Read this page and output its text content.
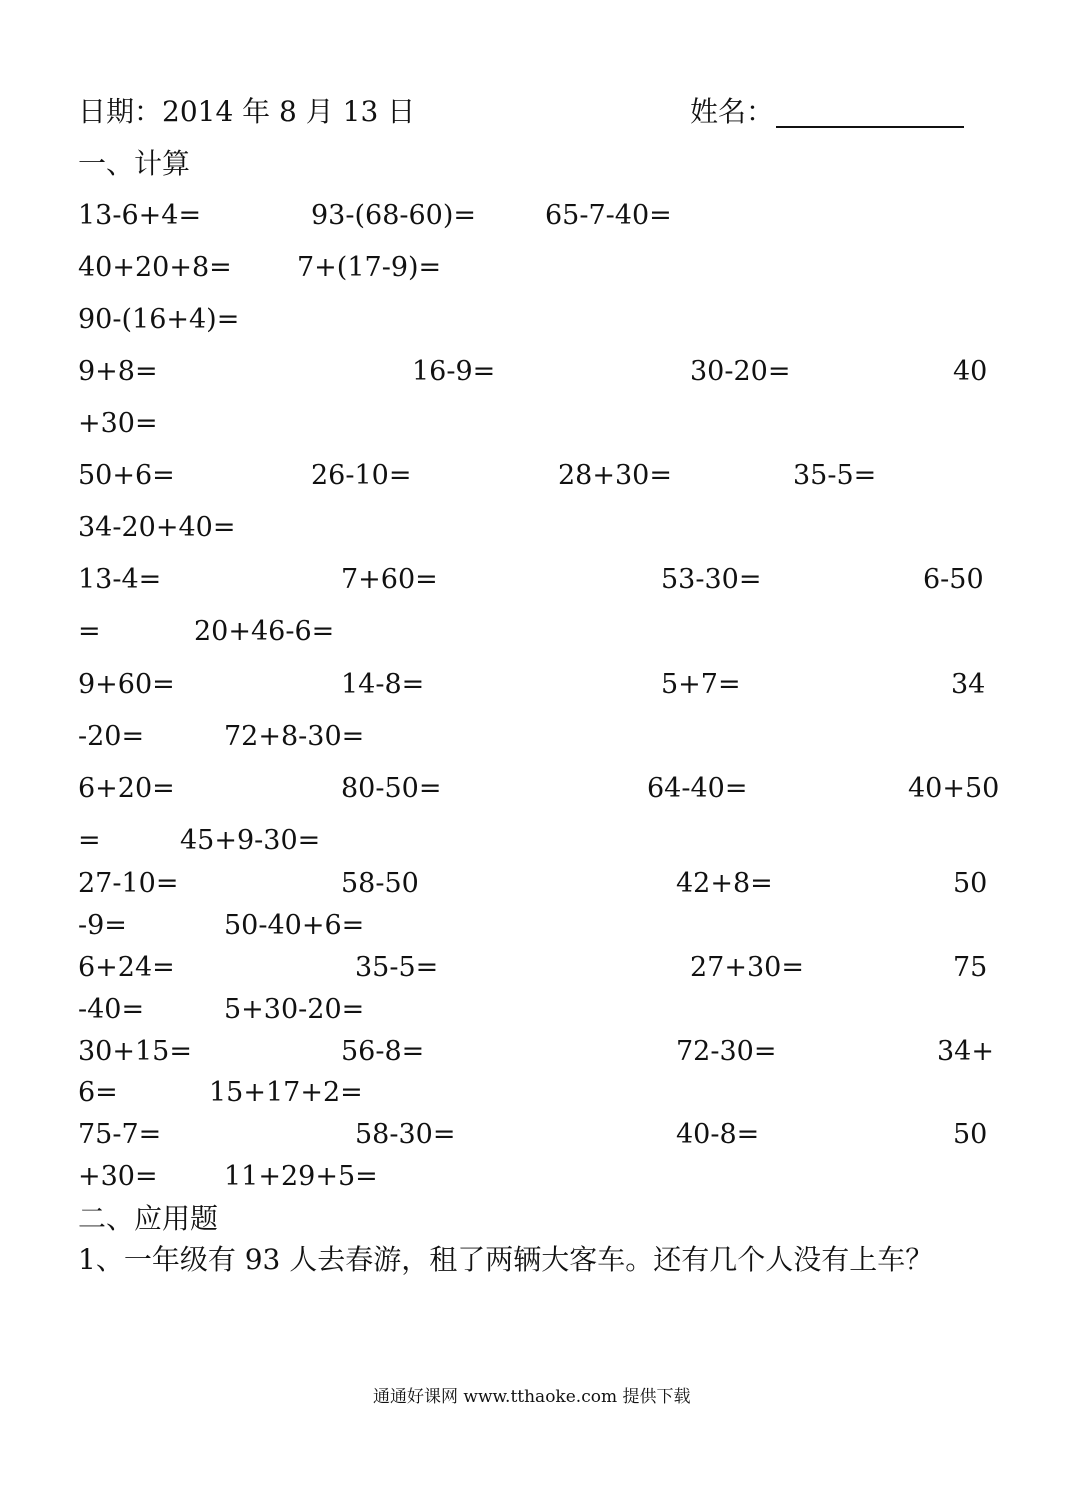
日期：2014 年 8 月 13 日	姓名：
一、计算
13-6+4=	93-(68-60)=	65-7-40=
40+20+8= 7+(17-9)=
90-(16+4)=
9+8=	16-9=	30-20=	40
+30=
50+6=	26-10=	28+30=	35-5=
34-20+40=
13-4=	7+60=	53-30=	6-50
=	20+46-6=
9+60=	14-8=	5+7=	34
-20=	72+8-30=
6+20=	80-50=	64-40=	40+50
=	45+9-30=
27-10=	58-50	42+8=	50
-9=	50-40+6=
6+24=	35-5=	27+30=	75
-40=	5+30-20=
30+15=	56-8=	72-30=	34+
6=	15+17+2=
75-7=	58-30=	40-8=	50
+30= 11+29+5=
二、应用题
1、一年级有 93 人去春游，租了两辆大客车。还有几个人没有上车？
通通好课网 www.tthaoke.com 提供下载
